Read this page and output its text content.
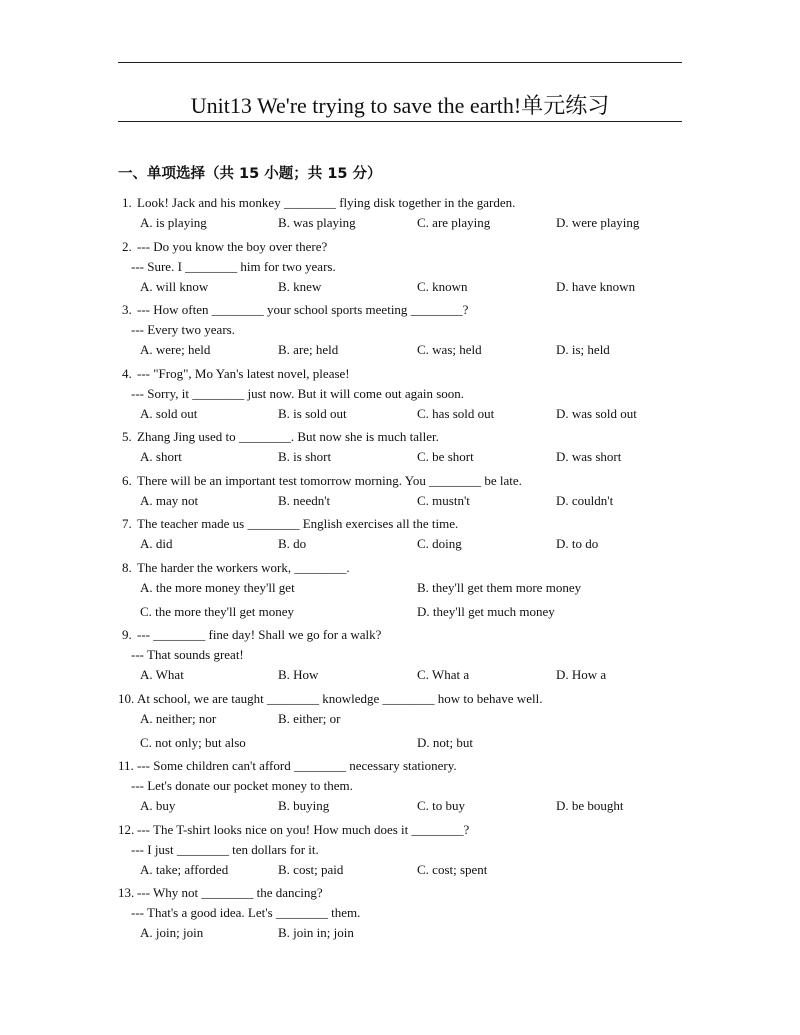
Unit13 We're trying to save the earth!单元练习
一、单项选择（共 15 小题；共 15 分）
1. Look! Jack and his monkey ________ flying disk together in the garden.
A. is playing	B. was playing	C. are playing	D. were playing
2. --- Do you know the boy over there?
--- Sure. I ________ him for two years.
A. will know	B. knew	C. known	D. have known
3. --- How often ________ your school sports meeting ________?
--- Every two years.
A. were; held	B. are; held	C. was; held	D. is; held
4. --- "Frog", Mo Yan's latest novel, please!
--- Sorry, it ________ just now. But it will come out again soon.
A. sold out	B. is sold out	C. has sold out	D. was sold out
5. Zhang Jing used to ________. But now she is much taller.
A. short	B. is short	C. be short	D. was short
6. There will be an important test tomorrow morning. You ________ be late.
A. may not	B. needn't	C. mustn't	D. couldn't
7. The teacher made us ________ English exercises all the time.
A. did	B. do	C. doing	D. to do
8. The harder the workers work, ________.
A. the more money they'll get	B. they'll get them more money
C. the more they'll get money	D. they'll get much money
9. --- ________ fine day! Shall we go for a walk?
--- That sounds great!
A. What	B. How	C. What a	D. How a
10. At school, we are taught ________ knowledge ________ how to behave well.
A. neither; nor	B. either; or
C. not only; but also	D. not; but
11. --- Some children can't afford ________ necessary stationery.
--- Let's donate our pocket money to them.
A. buy	B. buying	C. to buy	D. be bought
12. --- The T-shirt looks nice on you! How much does it ________?
--- I just ________ ten dollars for it.
A. take; afforded	B. cost; paid	C. cost; spent
13. --- Why not ________ the dancing?
--- That's a good idea. Let's ________ them.
A. join; join	B. join in; join
